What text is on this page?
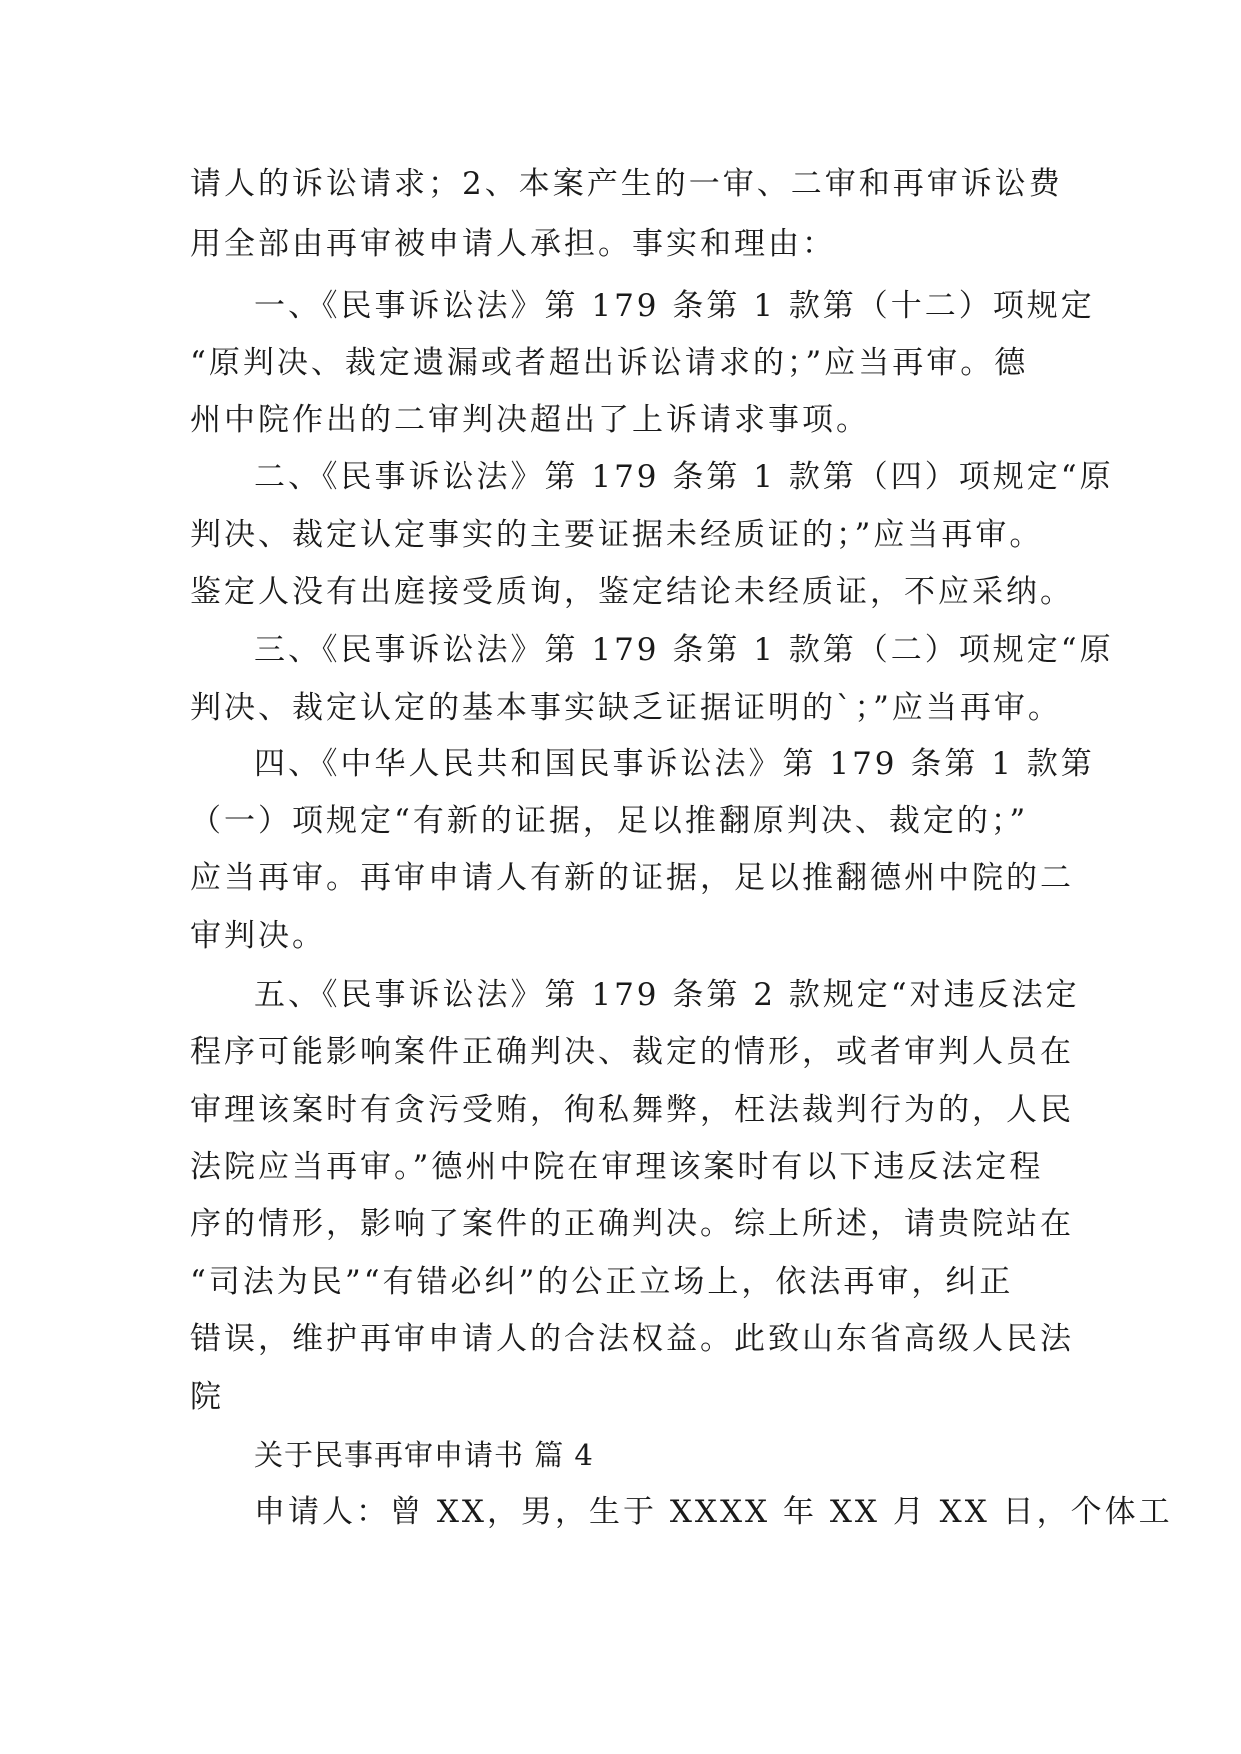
请人的诉讼请求；2、本案产生的一审、二审和再审诉讼费
用全部由再审被申请人承担。事实和理由：
一、《民事诉讼法》第 179 条第 1 款第（十二）项规定
“原判决、裁定遗漏或者超出诉讼请求的；”应当再审。德
州中院作出的二审判决超出了上诉请求事项。
二、《民事诉讼法》第 179 条第 1 款第（四）项规定“原
判决、裁定认定事实的主要证据未经质证的；”应当再审。
鉴定人没有出庭接受质询，鉴定结论未经质证，不应采纳。
三、《民事诉讼法》第 179 条第 1 款第（二）项规定“原
判决、裁定认定的基本事实缺乏证据证明的`；”应当再审。
四、《中华人民共和国民事诉讼法》第 179 条第 1 款第
（一）项规定“有新的证据，足以推翻原判决、裁定的；”
应当再审。再审申请人有新的证据，足以推翻德州中院的二
审判决。
五、《民事诉讼法》第 179 条第 2 款规定“对违反法定
程序可能影响案件正确判决、裁定的情形，或者审判人员在
审理该案时有贪污受贿，徇私舞弊，枉法裁判行为的，人民
法院应当再审。”德州中院在审理该案时有以下违反法定程
序的情形，影响了案件的正确判决。综上所述，请贵院站在
“司法为民”“有错必纠”的公正立场上，依法再审，纠正
错误，维护再审申请人的合法权益。此致山东省高级人民法
院
关于民事再审申请书 篇 4
申请人：曾 XX，男，生于 XXXX 年 XX 月 XX 日，个体工
